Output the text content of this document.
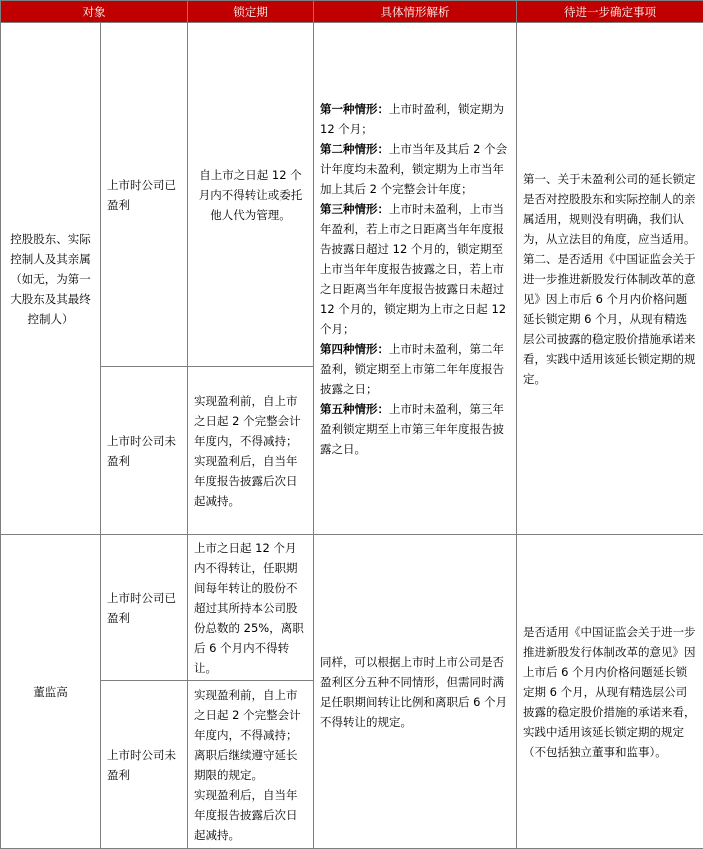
对象		锁定期	具体情形解析	待进一步确定事项
控股股东、实际控制人及其亲属（如无，为第一大股东及其最终控制人）	上市时公司已盈利	自上市之日起 12 个月内不得转让或委托他人代为管理。	第一种情形：上市时盈利，锁定期为 12 个月；
第二种情形：上市当年及其后 2 个会计年度均未盈利，锁定期为上市当年加上其后 2 个完整会计年度；
第三种情形：上市时未盈利，上市当年盈利，若上市之日距离当年年度报告披露日超过 12 个月的，锁定期至上市当年年度报告披露之日，若上市之日距离当年年度报告披露日未超过 12 个月的，锁定期为上市之日起 12 个月；
第四种情形：上市时未盈利，第二年盈利，锁定期至上市第二年年度报告披露之日；
第五种情形：上市时未盈利，第三年盈利锁定期至上市第三年年度报告披露之日。	第一、关于未盈利公司的延长锁定是否对控股股东和实际控制人的亲属适用，规则没有明确，我们认为，从立法目的角度，应当适用。
第二、是否适用《中国证监会关于进一步推进新股发行体制改革的意见》因上市后 6 个月内价格问题延长锁定期 6 个月，从现有精选层公司披露的稳定股价措施承诺来看，实践中适用该延长锁定期的规定。

	上市时公司未盈利	实现盈利前，自上市之日起 2 个完整会计年度内，不得减持；实现盈利后，自当年年度报告披露后次日起减持。		
董监高	上市时公司已盈利	上市之日起 12 个月内不得转让，任职期间每年转让的股份不超过其所持本公司股份总数的 25%，离职后 6 个月内不得转让。	同样，可以根据上市时上市公司是否盈利区分五种不同情形，但需同时满足任职期间转让比例和离职后 6 个月不得转让的规定。	是否适用《中国证监会关于进一步推进新股发行体制改革的意见》因上市后 6 个月内价格问题延长锁定期 6 个月，从现有精选层公司披露的稳定股价措施的承诺来看，实践中适用该延长锁定期的规定（不包括独立董事和监事）。
	上市时公司未盈利	实现盈利前，自上市之日起 2 个完整会计年度内，不得减持；离职后继续遵守延长期限的规定。
实现盈利后，自当年年度报告披露后次日起减持。		
